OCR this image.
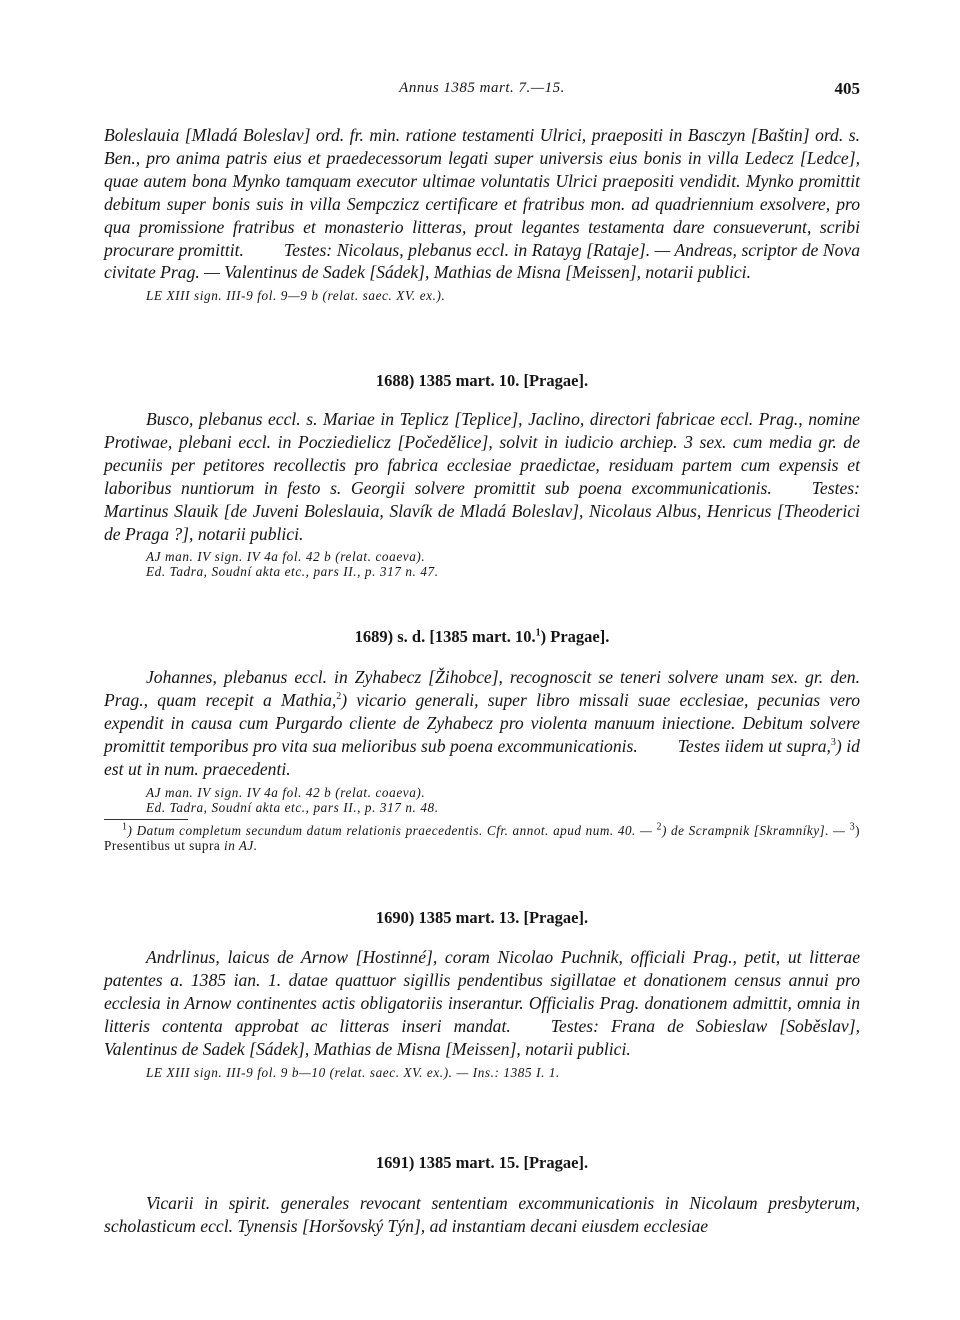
Annus 1385 mart. 7.—15.	405

Boleslauia [Mladá Boleslav] ord. fr. min. ratione testamenti Ulrici, praepositi in Basczyn [Baštin] ord. s. Ben., pro anima patris eius et praedecessorum legati super universis eius bonis in villa Ledecz [Ledce], quae autem bona Mynko tamquam executor ultimae voluntatis Ulrici praepositi vendidit. Mynko promittit debitum super bonis suis in villa Sempczicz certificare et fratribus mon. ad quadriennium exsolvere, pro qua promissione fratribus et monasterio litteras, prout legantes testamenta dare consueverunt, scribi procurare promittit. Testes: Nicolaus, plebanus eccl. in Ratayg [Rataje]. — Andreas, scriptor de Nova civitate Prag. — Valentinus de Sadek [Sádek], Mathias de Misna [Meissen], notarii publici.

LE XIII sign. III-9 fol. 9—9 b (relat. saec. XV. ex.).

1688) 1385 mart. 10. [Pragae].

Busco, plebanus eccl. s. Mariae in Teplicz [Teplice], Jaclino, directori fabricae eccl. Prag., nomine Protiwae, plebani eccl. in Pocziedielicz [Počedělice], solvit in iudicio archiep. 3 sex. cum media gr. de pecuniis per petitores recollectis pro fabrica ecclesiae praedictae, residuam partem cum expensis et laboribus nuntiorum in festo s. Georgii solvere promittit sub poena excommunicationis. Testes: Martinus Slauik [de Juveni Boleslauia, Slavík de Mladá Boleslav], Nicolaus Albus, Henricus [Theoderici de Praga ?], notarii publici.

AJ man. IV sign. IV 4a fol. 42 b (relat. coaeva).

Ed. Tadra, Soudní akta etc., pars II., p. 317 n. 47.

1689) s. d. [1385 mart. 10.$^1$) Pragae].

Johannes, plebanus eccl. in Zyhabecz [Žihobce], recognoscit se teneri solvere unam sex. gr. den. Prag., quam recepit a Mathia,$^2$) vicario generali, super libro missali suae ecclesiae, pecunias vero expendit in causa cum Purgardo cliente de Zyhabecz pro violenta manuum iniectione. Debitum solvere promittit temporibus pro vita sua melioribus sub poena excommunicationis. Testes iidem ut supra,$^3$) id est ut in num. praecedenti.

AJ man. IV sign. IV 4a fol. 42 b (relat. coaeva).

Ed. Tadra, Soudní akta etc., pars II., p. 317 n. 48.

$^1$) Datum completum secundum datum relationis praecedentis. Cfr. annot. apud num. 40. — $^2$) de Scrampnik [Skramníky]. — $^3$) Presentibus ut supra in AJ.

1690) 1385 mart. 13. [Pragae].

Andrlinus, laicus de Arnow [Hostinné], coram Nicolao Puchnik, officiali Prag., petit, ut litterae patentes a. 1385 ian. 1. datae quattuor sigillis pendentibus sigillatae et donationem census annui pro ecclesia in Arnow continentes actis obligatoriis inserantur. Officialis Prag. donationem admittit, omnia in litteris contenta approbat ac litteras inseri mandat. Testes: Frana de Sobieslaw [Soběslav], Valentinus de Sadek [Sádek], Mathias de Misna [Meissen], notarii publici.

LE XIII sign. III-9 fol. 9 b—10 (relat. saec. XV. ex.). — Ins.: 1385 I. 1.

1691) 1385 mart. 15. [Pragae].

Vicarii in spirit. generales revocant sententiam excommunicationis in Nicolaum presbyterum, scholasticum eccl. Tynensis [Horšovský Týn], ad instantiam decani eiusdem ecclesiae
